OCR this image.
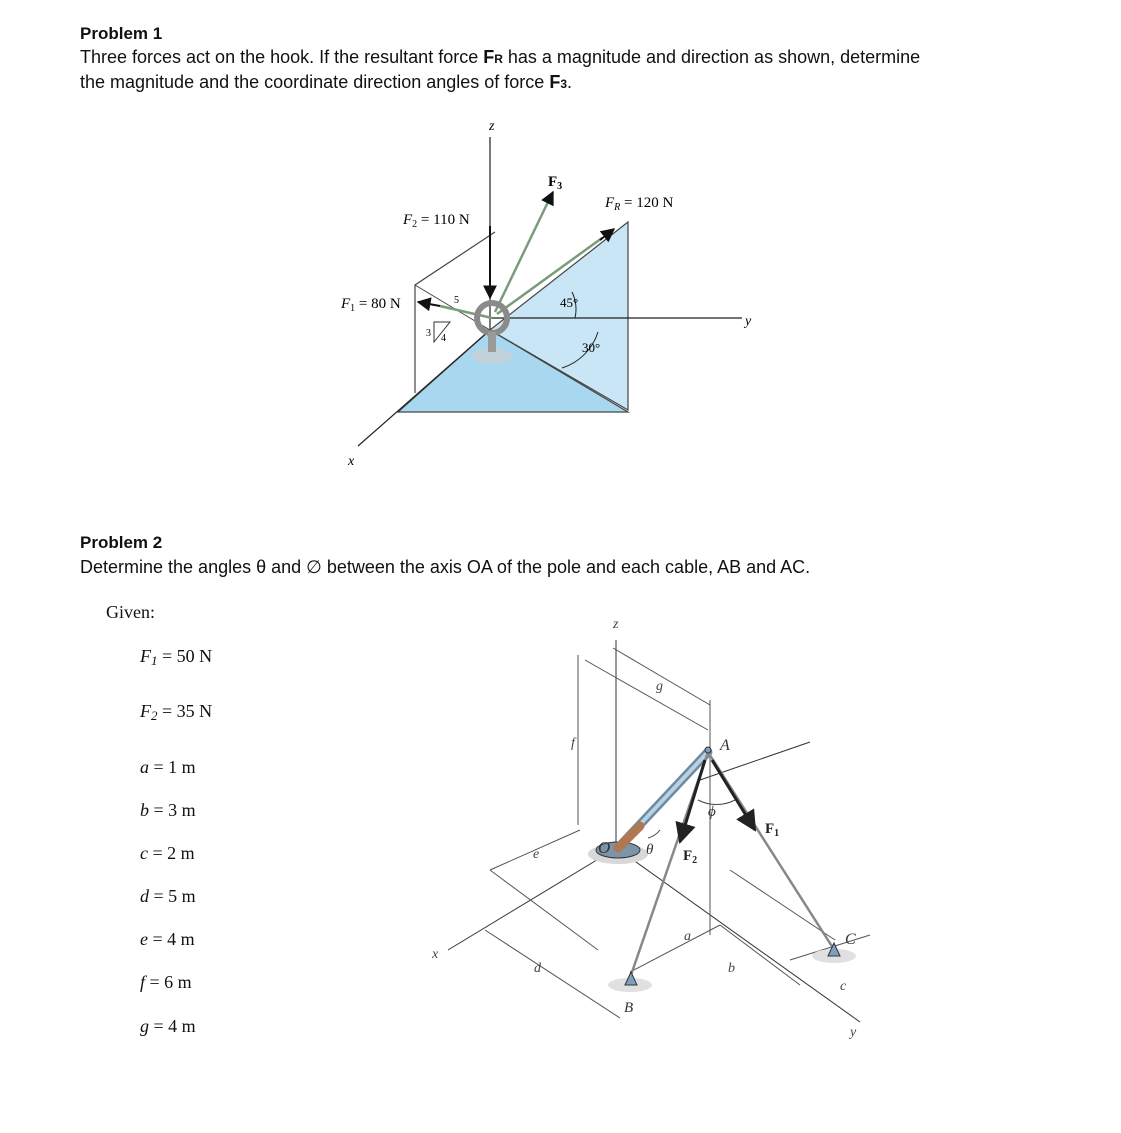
Problem 1
Three forces act on the hook. If the resultant force FR has a magnitude and direction as shown, determine
the magnitude and the coordinate direction angles of force F3.
z
y
x
$F_3$
$F_R = 120$ N
$F_2 = 110$ N
$F_1 = 80$ N	5
3 4
45°
30°
Problem 2
Determine the angles θ and ∅ between the axis OA of the pole and each cable, AB and AC.
Given:
F1 = 50 N
F2 = 35 N
a = 1 m
b = 3 m
c = 2 m
d = 5 m
e = 4 m
f = 6 m
g = 4 m
z
x
y
O
A
B
C
f
g
e
d
a
b
c
θ
ϕ
$F_1$
$F_2$
